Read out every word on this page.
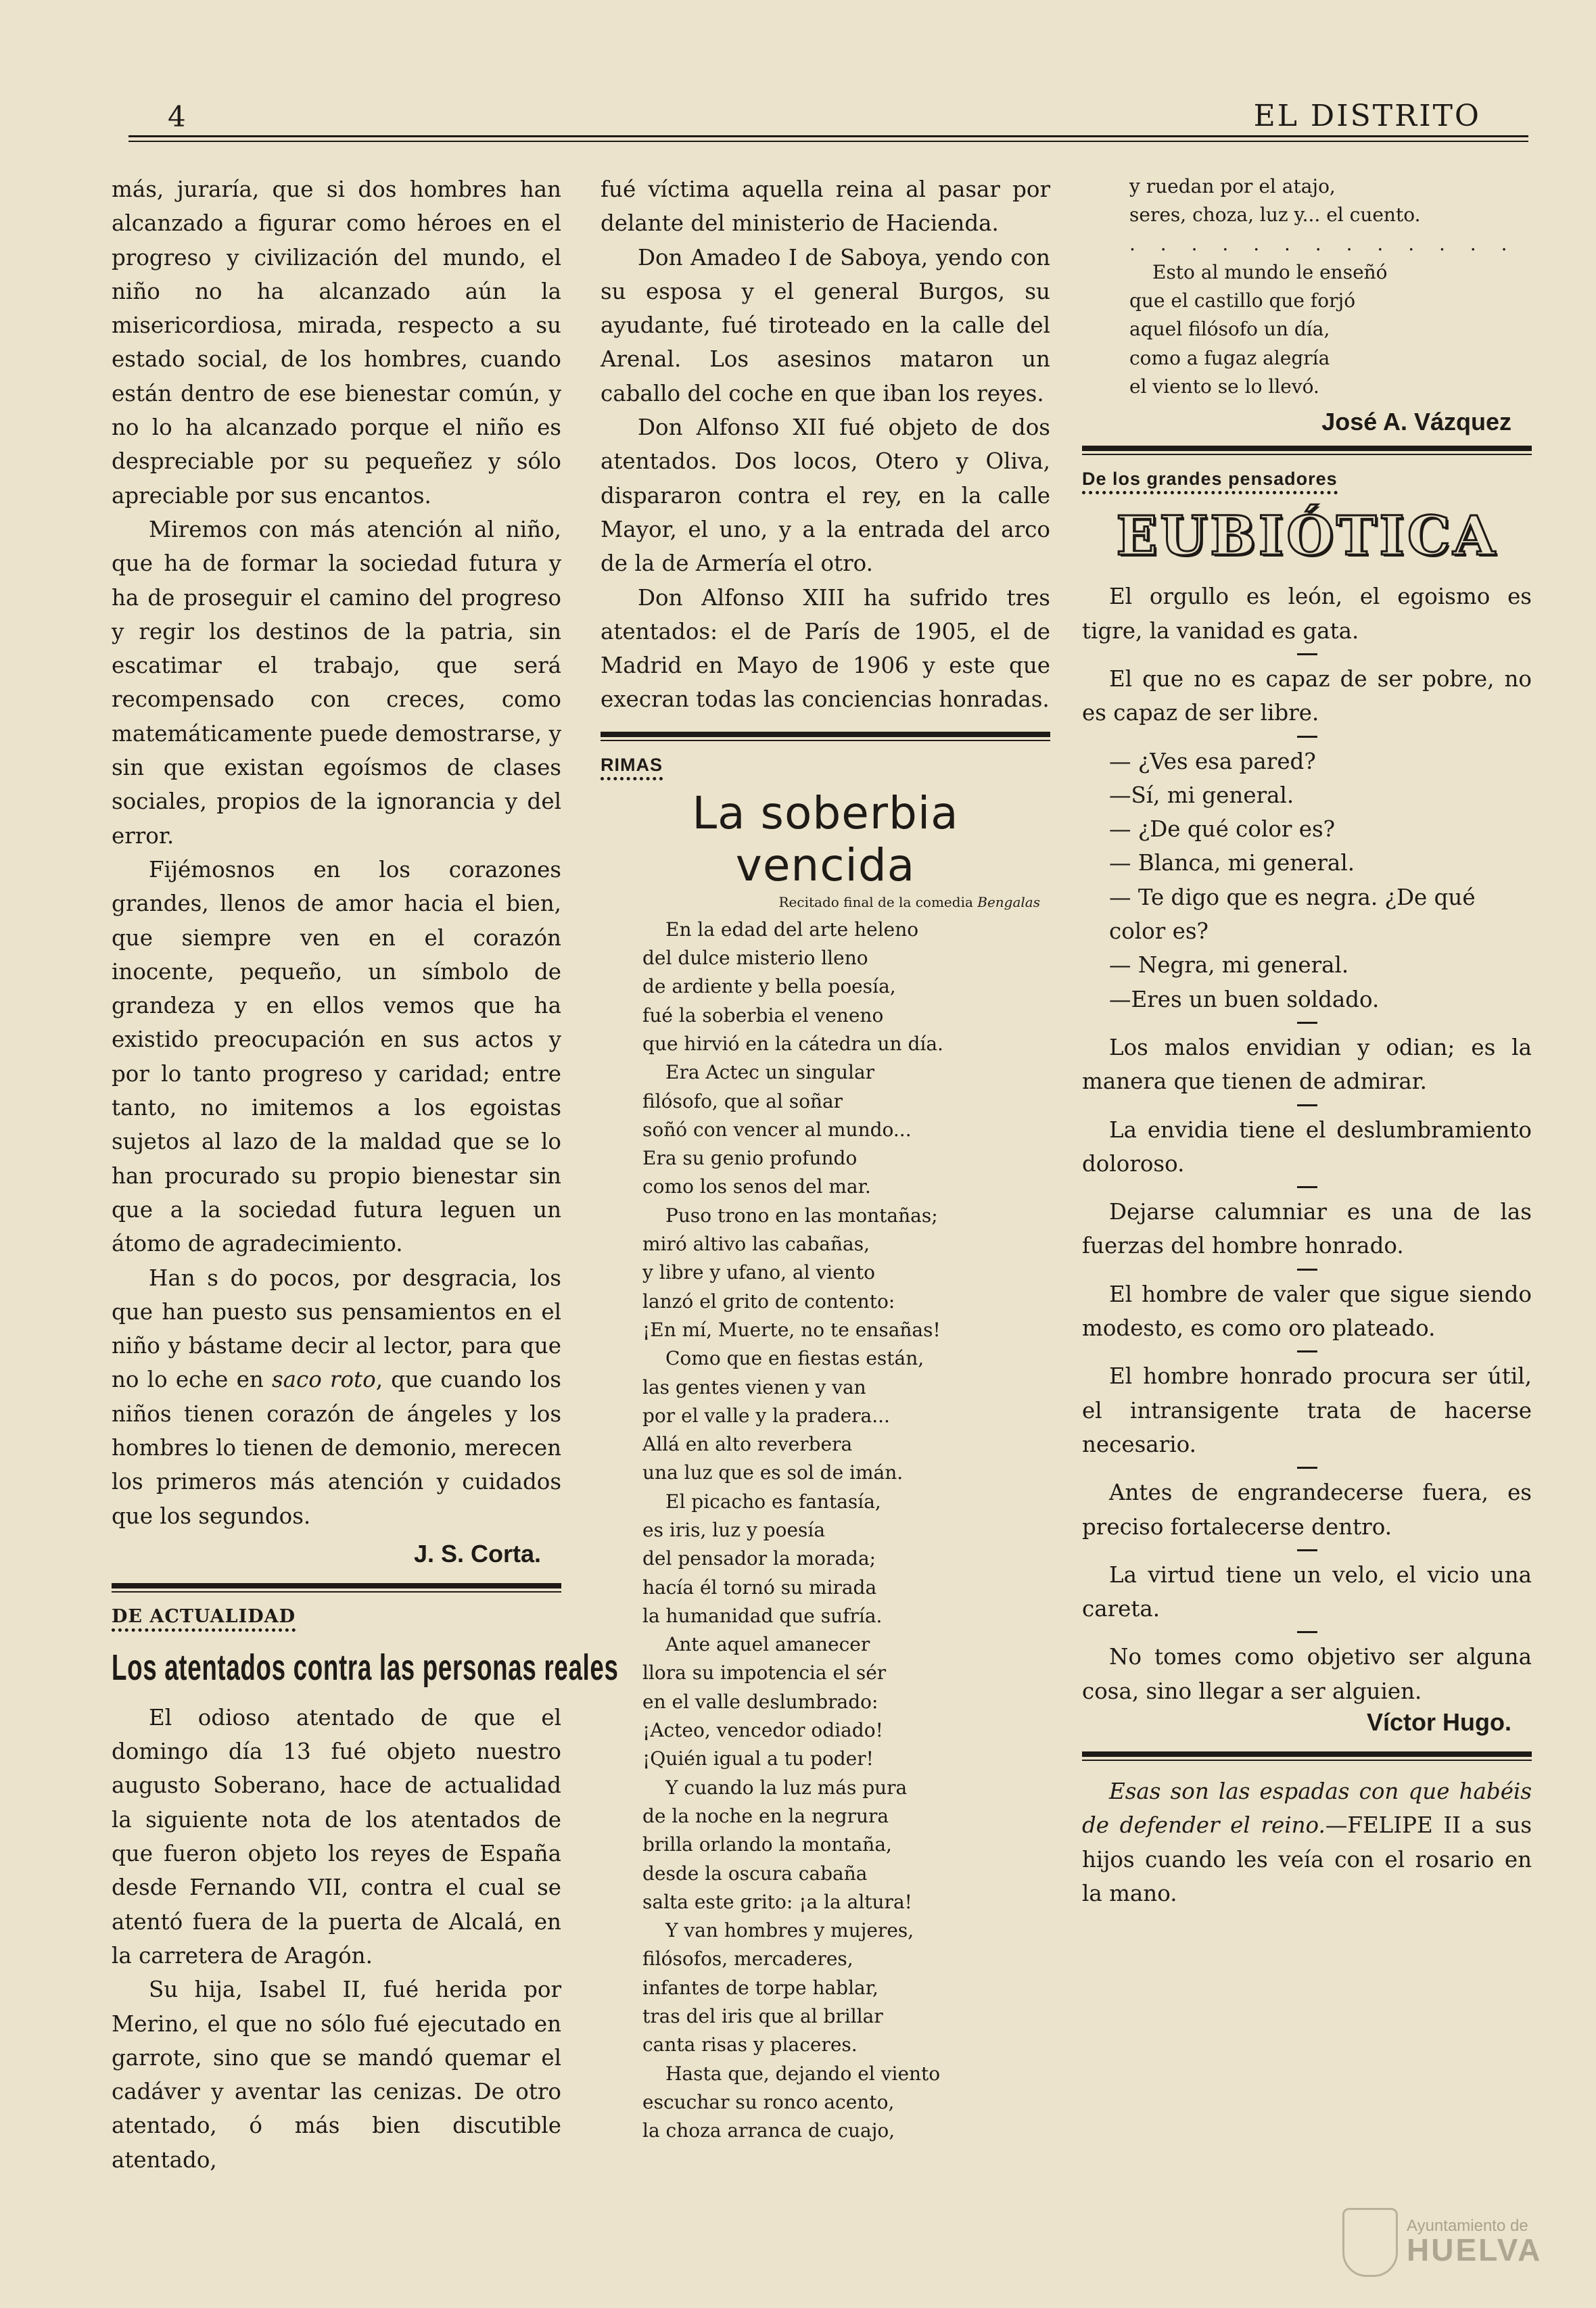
4	EL DISTRITO

más, juraría, que si dos hombres han alcanzado a figurar como héroes en el progreso y civilización del mundo, el niño no ha alcanzado aún la misericordiosa, mirada, respecto a su estado social, de los hombres, cuando están dentro de ese bienestar común, y no lo ha alcanzado porque el niño es despreciable por su pequeñez y sólo apreciable por sus encantos.

Miremos con más atención al niño, que ha de formar la sociedad futura y ha de proseguir el camino del progreso y regir los destinos de la patria, sin escatimar el trabajo, que será recompensado con creces, como matemáticamente puede demostrarse, y sin que existan egoísmos de clases sociales, propios de la ignorancia y del error.

Fijémosnos en los corazones grandes, llenos de amor hacia el bien, que siempre ven en el corazón inocente, pequeño, un símbolo de grandeza y en ellos vemos que ha existido preocupación en sus actos y por lo tanto progreso y caridad; entre tanto, no imitemos a los egoistas sujetos al lazo de la maldad que se lo han procurado su propio bienestar sin que a la sociedad futura leguen un átomo de agradecimiento.

Han s do pocos, por desgracia, los que han puesto sus pensamientos en el niño y bástame decir al lector, para que no lo eche en saco roto, que cuando los niños tienen corazón de ángeles y los hombres lo tienen de demonio, merecen los primeros más atención y cuidados que los segundos.

J. S. Corta.
DE ACTUALIDAD
Los atentados contra las personas reales

El odioso atentado de que el domingo día 13 fué objeto nuestro augusto Soberano, hace de actualidad la siguiente nota de los atentados de que fueron objeto los reyes de España desde Fernando VII, contra el cual se atentó fuera de la puerta de Alcalá, en la carretera de Aragón.

Su hija, Isabel II, fué herida por Merino, el que no sólo fué ejecutado en garrote, sino que se mandó quemar el cadáver y aventar las cenizas. De otro atentado, ó más bien discutible atentado,

fué víctima aquella reina al pasar por delante del ministerio de Hacienda.

Don Amadeo I de Saboya, yendo con su esposa y el general Burgos, su ayudante, fué tiroteado en la calle del Arenal. Los asesinos mataron un caballo del coche en que iban los reyes.

Don Alfonso XII fué objeto de dos atentados. Dos locos, Otero y Oliva, dispararon contra el rey, en la calle Mayor, el uno, y a la entrada del arco de la de Armería el otro.

Don Alfonso XIII ha sufrido tres atentados: el de París de 1905, el de Madrid en Mayo de 1906 y este que execran todas las conciencias honradas.

RIMAS
La soberbia vencida
Recitado final de la comedia Bengalas
En la edad del arte heleno
del dulce misterio lleno
de ardiente y bella poesía,
fué la soberbia el veneno
que hirvió en la cátedra un día.
Era Actec un singular
filósofo, que al soñar
soñó con vencer al mundo...
Era su genio profundo
como los senos del mar.
Puso trono en las montañas;
miró altivo las cabañas,
y libre y ufano, al viento
lanzó el grito de contento:
¡En mí, Muerte, no te ensañas!
Como que en fiestas están,
las gentes vienen y van
por el valle y la pradera...
Allá en alto reverbera
una luz que es sol de imán.
El picacho es fantasía,
es iris, luz y poesía
del pensador la morada;
hacía él tornó su mirada
la humanidad que sufría.
Ante aquel amanecer
llora su impotencia el sér
en el valle deslumbrado:
¡Acteo, vencedor odiado!
¡Quién igual a tu poder!
Y cuando la luz más pura
de la noche en la negrura
brilla orlando la montaña,
desde la oscura cabaña
salta este grito: ¡a la altura!
Y van hombres y mujeres,
filósofos, mercaderes,
infantes de torpe hablar,
tras del iris que al brillar
canta risas y placeres.
Hasta que, dejando el viento
escuchar su ronco acento,
la choza arranca de cuajo,
y ruedan por el atajo,
seres, choza, luz y... el cuento.
. . . . . . . . . . . . .
Esto al mundo le enseñó
que el castillo que forjó
aquel filósofo un día,
como a fugaz alegría
el viento se lo llevó.
José A. Vázquez
De los grandes pensadores
EUBIÓTICA

El orgullo es león, el egoismo es tigre, la vanidad es gata.

El que no es capaz de ser pobre, no es capaz de ser libre.

— ¿Ves esa pared?

—Sí, mi general.

— ¿De qué color es?

— Blanca, mi general.

— Te digo que es negra. ¿De qué color es?

— Negra, mi general.

—Eres un buen soldado.

Los malos envidian y odian; es la manera que tienen de admirar.

La envidia tiene el deslumbramiento doloroso.

Dejarse calumniar es una de las fuerzas del hombre honrado.

El hombre de valer que sigue siendo modesto, es como oro plateado.

El hombre honrado procura ser útil, el intransigente trata de hacerse necesario.

Antes de engrandecerse fuera, es preciso fortalecerse dentro.

La virtud tiene un velo, el vicio una careta.

No tomes como objetivo ser alguna cosa, sino llegar a ser alguien.

Víctor Hugo.

Esas son las espadas con que habéis de defender el reino.—FELIPE II a sus hijos cuando les veía con el rosario en la mano.

Ayuntamiento de
HUELVA
